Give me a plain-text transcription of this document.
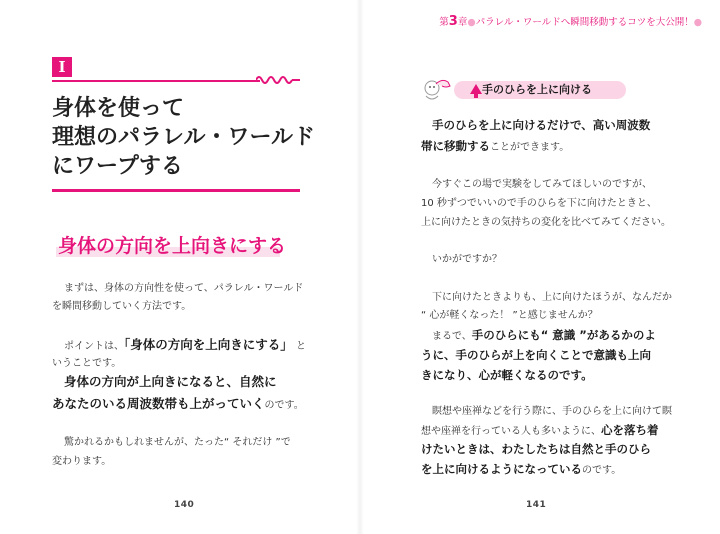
I
身体を使って
理想のパラレル・ワールド
にワープする
身体の方向を上向きにする
まずは、身体の方向性を使って、パラレル・ワールド
を瞬間移動していく方法です。
ポイントは、「身体の方向を上向きにする」 と
いうことです。
身体の方向が上向きになると、自然に
あなたのいる周波数帯も上がっていくのです。
驚かれるかもしれませんが、たった“ それだけ ”で
変わります。
140
第3章●パラレル・ワールドへ瞬間移動するコツを大公開！●
手のひらを上に向ける
手のひらを上に向けるだけで、高い周波数
帯に移動することができます。
今すぐこの場で実験をしてみてほしいのですが、
10 秒ずつでいいので手のひらを下に向けたときと、
上に向けたときの気持ちの変化を比べてみてください。
いかがですか？
下に向けたときよりも、上に向けたほうが、なんだか
“ 心が軽くなった！ ”と感じませんか？
まるで、手のひらにも“ 意識 ”があるかのよ
うに、手のひらが上を向くことで意識も上向
きになり、心が軽くなるのです。
瞑想や座禅などを行う際に、手のひらを上に向けて瞑
想や座禅を行っている人も多いように、心を落ち着
けたいときは、わたしたちは自然と手のひら
を上に向けるようになっているのです。
141
